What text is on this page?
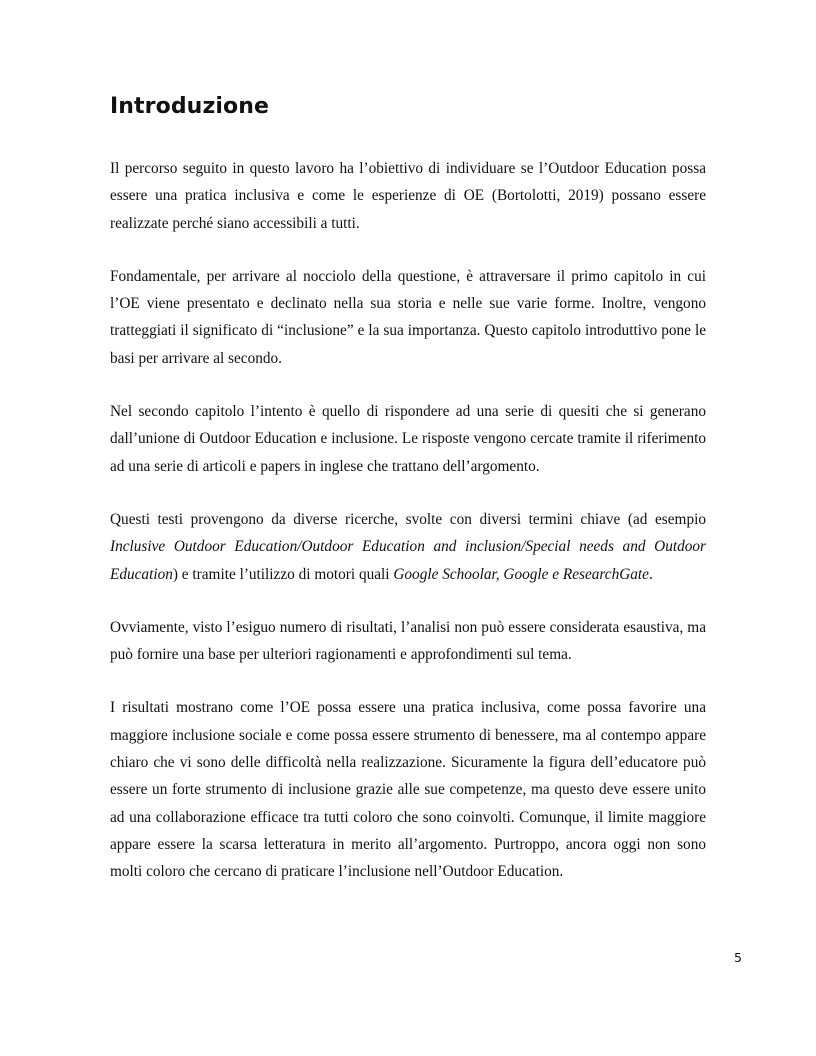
Introduzione

Il percorso seguito in questo lavoro ha l’obiettivo di individuare se l’Outdoor Education possa essere una pratica inclusiva e come le esperienze di OE (Bortolotti, 2019) possano essere realizzate perché siano accessibili a tutti.

Fondamentale, per arrivare al nocciolo della questione, è attraversare il primo capitolo in cui l’OE viene presentato e declinato nella sua storia e nelle sue varie forme. Inoltre, vengono tratteggiati il significato di “inclusione” e la sua importanza. Questo capitolo introduttivo pone le basi per arrivare al secondo.

Nel secondo capitolo l’intento è quello di rispondere ad una serie di quesiti che si generano dall’unione di Outdoor Education e inclusione. Le risposte vengono cercate tramite il riferimento ad una serie di articoli e papers in inglese che trattano dell’argomento.

Questi testi provengono da diverse ricerche, svolte con diversi termini chiave (ad esempio Inclusive Outdoor Education/Outdoor Education and inclusion/Special needs and Outdoor Education) e tramite l’utilizzo di motori quali Google Schoolar, Google e ResearchGate.

Ovviamente, visto l’esiguo numero di risultati, l’analisi non può essere considerata esaustiva, ma può fornire una base per ulteriori ragionamenti e approfondimenti sul tema.

I risultati mostrano come l’OE possa essere una pratica inclusiva, come possa favorire una maggiore inclusione sociale e come possa essere strumento di benessere, ma al contempo appare chiaro che vi sono delle difficoltà nella realizzazione. Sicuramente la figura dell’educatore può essere un forte strumento di inclusione grazie alle sue competenze, ma questo deve essere unito ad una collaborazione efficace tra tutti coloro che sono coinvolti. Comunque, il limite maggiore appare essere la scarsa letteratura in merito all’argomento. Purtroppo, ancora oggi non sono molti coloro che cercano di praticare l’inclusione nell’Outdoor Education.

5
